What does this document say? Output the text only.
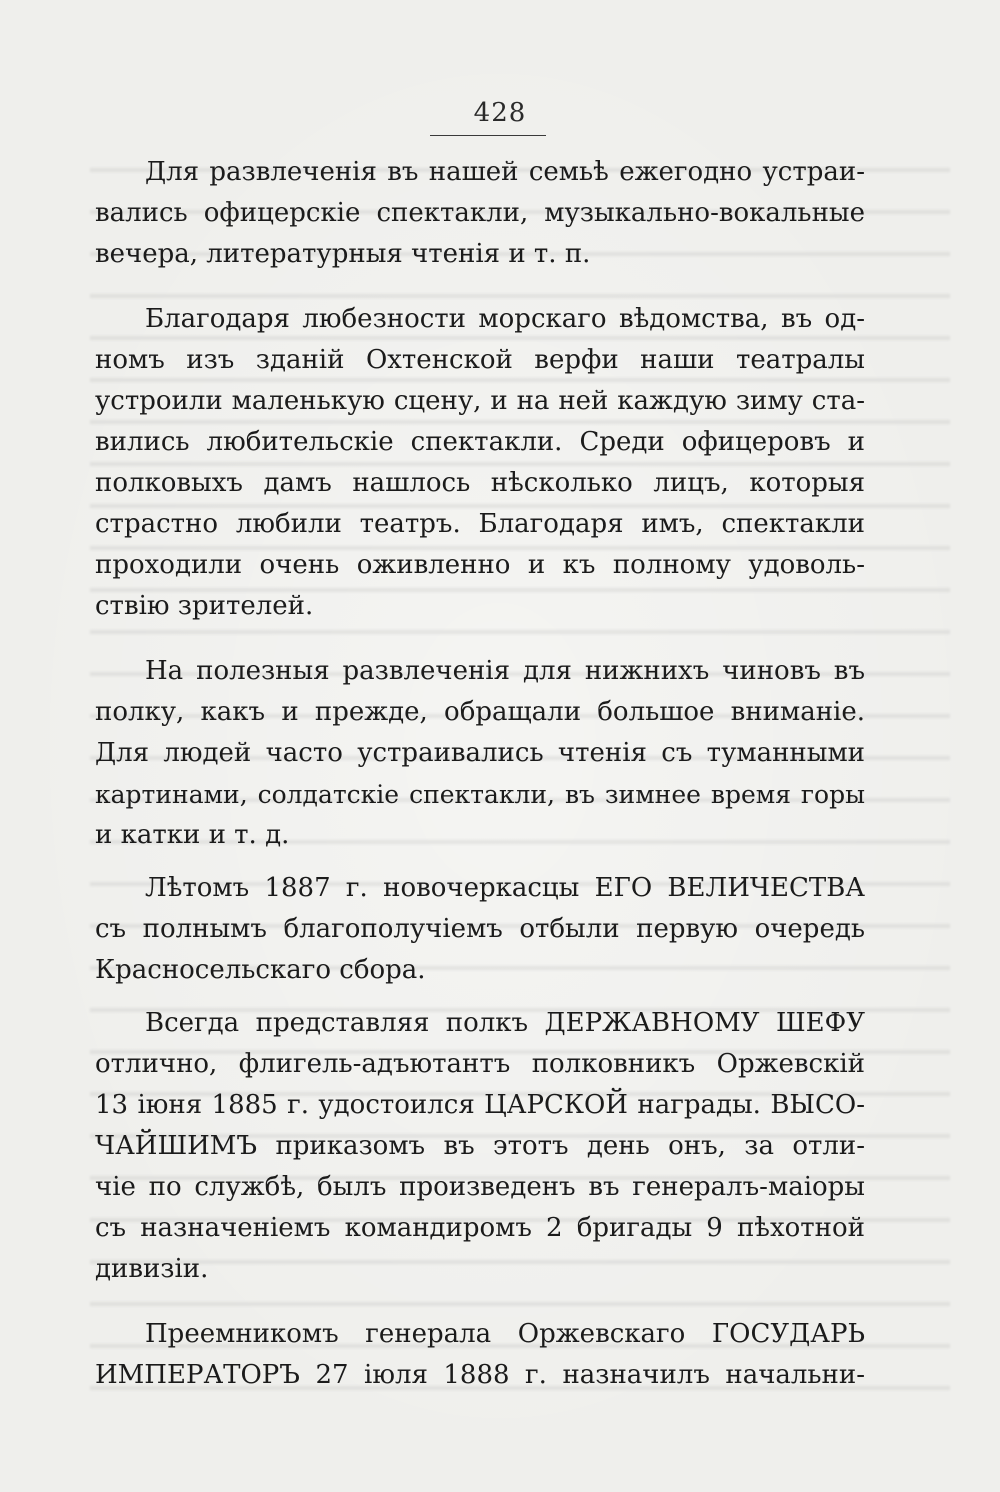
428
Для развлеченія въ нашей семьѣ ежегодно устраи-
вались офицерскіе спектакли, музыкально-вокальные
вечера, литературныя чтенія и т. п.
Благодаря любезности морскаго вѣдомства, въ од-
номъ изъ зданій Охтенской верфи наши театралы
устроили маленькую сцену, и на ней каждую зиму ста-
вились любительскіе спектакли. Среди офицеровъ и
полковыхъ дамъ нашлось нѣсколько лицъ, которыя
страстно любили театръ. Благодаря имъ, спектакли
проходили очень оживленно и къ полному удоволь-
ствію зрителей.
На полезныя развлеченія для нижнихъ чиновъ въ
полку, какъ и прежде, обращали большое вниманіе.
Для людей часто устраивались чтенія съ туманными
картинами, солдатскіе спектакли, въ зимнее время горы
и катки и т. д.
Лѣтомъ 1887 г. новочеркасцы ЕГО ВЕЛИЧЕСТВА
съ полнымъ благополучіемъ отбыли первую очередь
Красносельскаго сбора.
Всегда представляя полкъ ДЕРЖАВНОМУ ШЕФУ
отлично, флигель-адъютантъ полковникъ Оржевскій
13 іюня 1885 г. удостоился ЦАРСКОЙ награды. ВЫСО-
ЧАЙШИМЪ приказомъ въ этотъ день онъ, за отли-
чіе по службѣ, былъ произведенъ въ генералъ-маіоры
съ назначеніемъ командиромъ 2 бригады 9 пѣхотной
дивизіи.
Преемникомъ генерала Оржевскаго ГОСУДАРЬ
ИМПЕРАТОРЪ 27 іюля 1888 г. назначилъ начальни-
